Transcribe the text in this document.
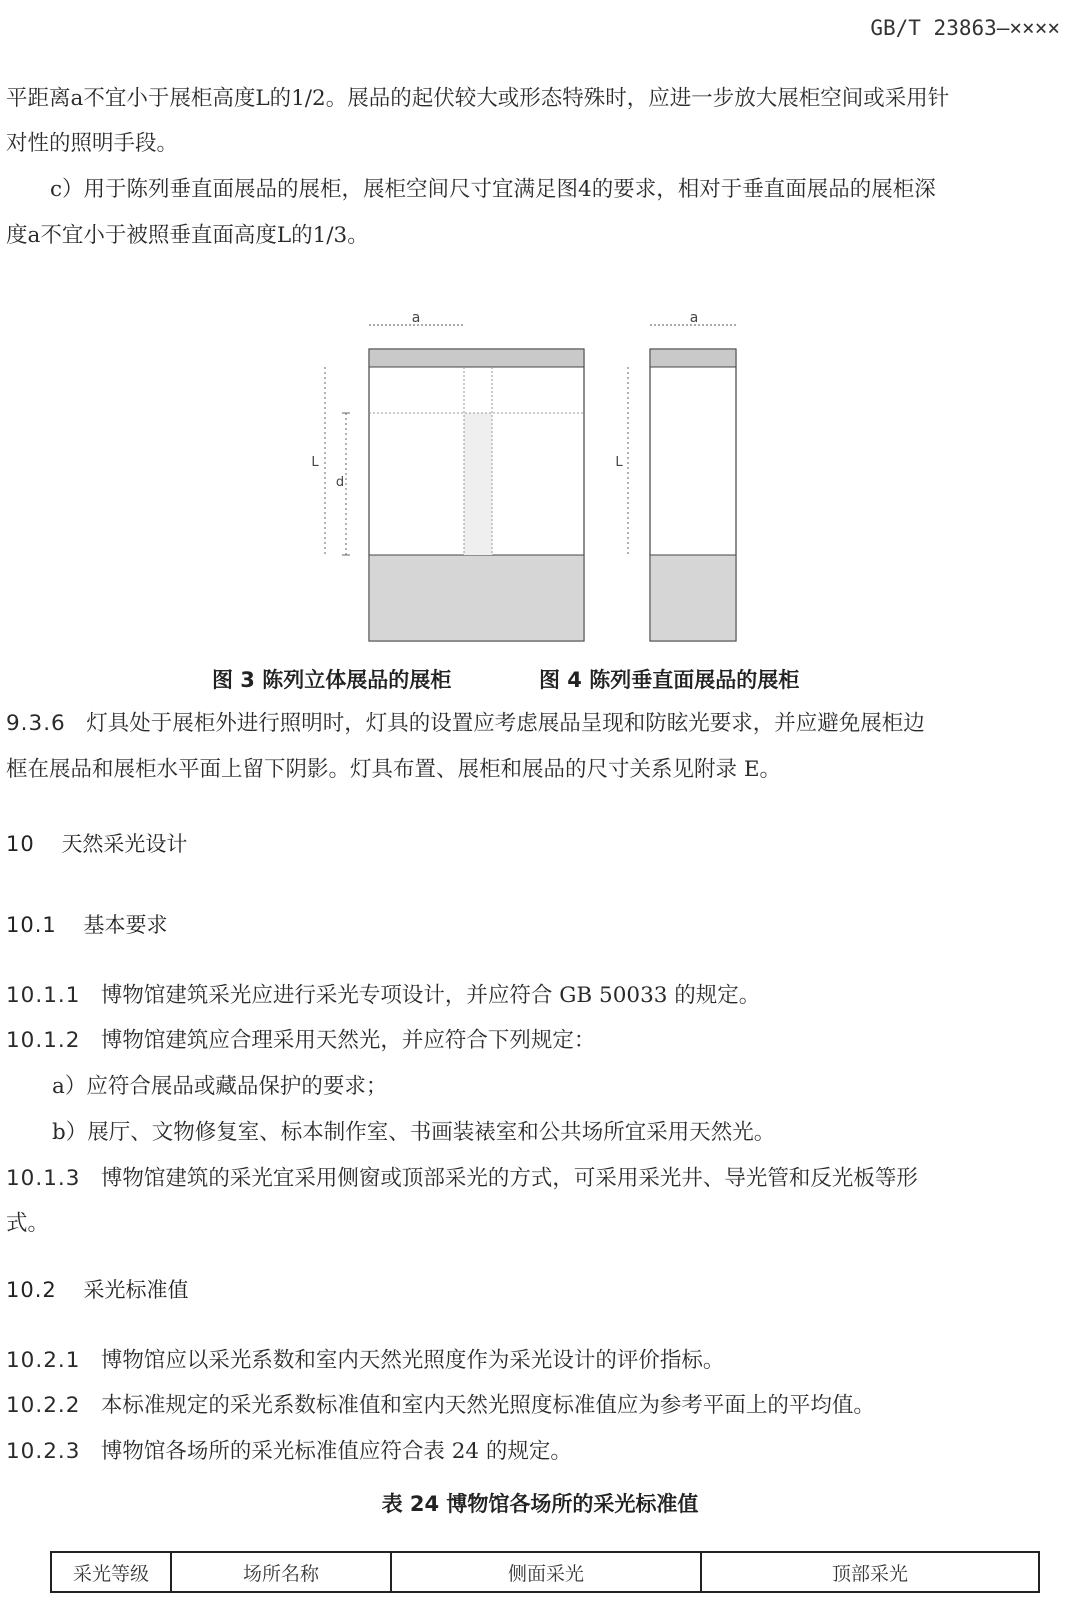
GB/T 23863—××××
平距离a不宜小于展柜高度L的1/2。展品的起伏较大或形态特殊时，应进一步放大展柜空间或采用针
对性的照明手段。
c）用于陈列垂直面展品的展柜，展柜空间尺寸宜满足图4的要求，相对于垂直面展品的展柜深
度a不宜小于被照垂直面高度L的1/3。
a
L
d
a
L
图 3 陈列立体展品的展柜	图 4 陈列垂直面展品的展柜
9.3.6 灯具处于展柜外进行照明时，灯具的设置应考虑展品呈现和防眩光要求，并应避免展柜边
框在展品和展柜水平面上留下阴影。灯具布置、展柜和展品的尺寸关系见附录 E。
10 天然采光设计
10.1 基本要求
10.1.1 博物馆建筑采光应进行采光专项设计，并应符合 GB 50033 的规定。
10.1.2 博物馆建筑应合理采用天然光，并应符合下列规定：
a）应符合展品或藏品保护的要求；
b）展厅、文物修复室、标本制作室、书画装裱室和公共场所宜采用天然光。
10.1.3 博物馆建筑的采光宜采用侧窗或顶部采光的方式，可采用采光井、导光管和反光板等形
式。
10.2 采光标准值
10.2.1 博物馆应以采光系数和室内天然光照度作为采光设计的评价指标。
10.2.2 本标准规定的采光系数标准值和室内天然光照度标准值应为参考平面上的平均值。
10.2.3 博物馆各场所的采光标准值应符合表 24 的规定。
表 24 博物馆各场所的采光标准值
采光等级	场所名称	侧面采光	顶部采光
